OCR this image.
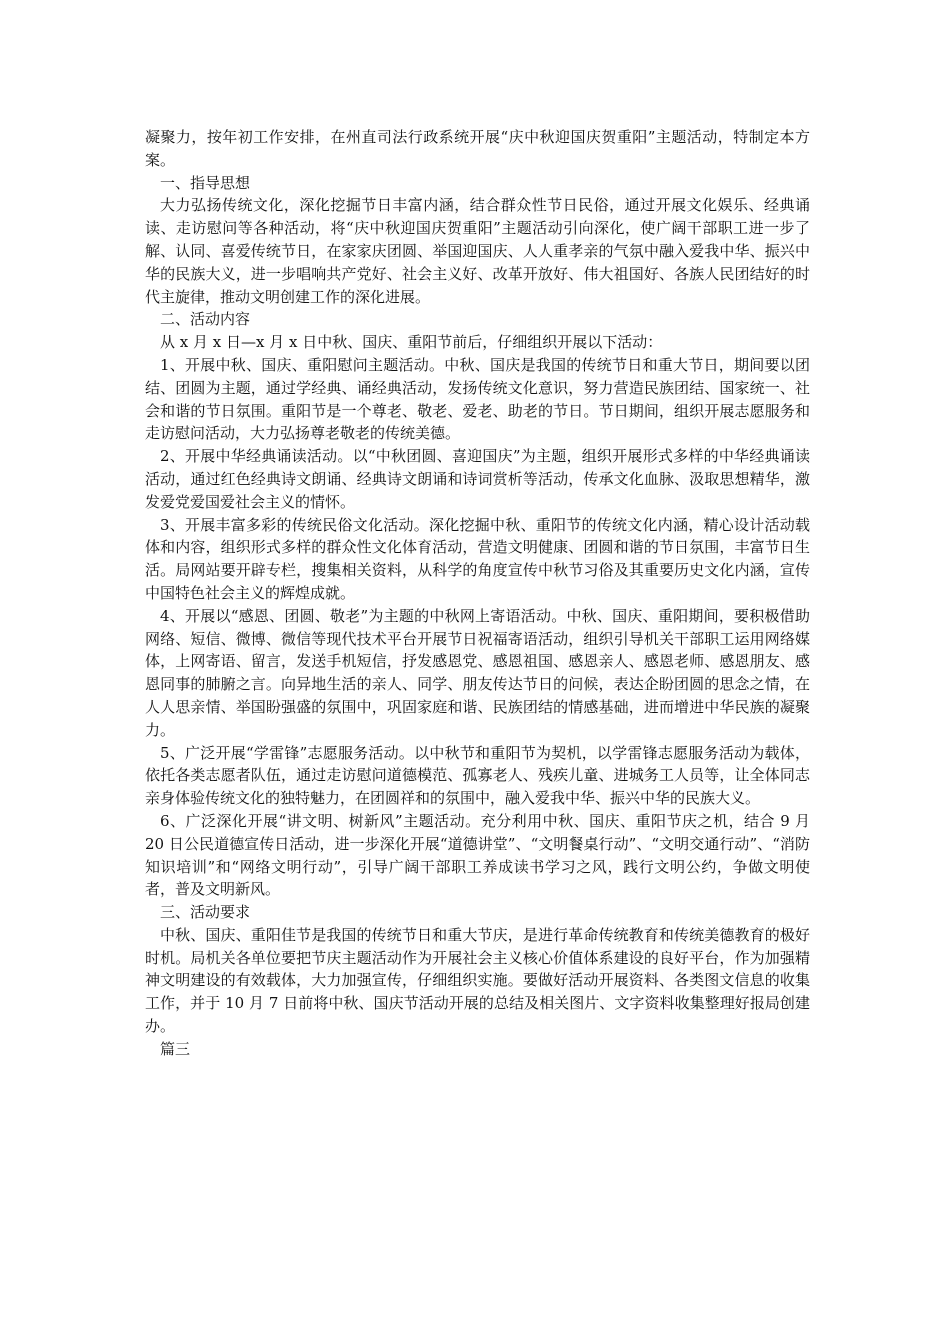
凝聚力，按年初工作安排，在州直司法行政系统开展“庆中秋迎国庆贺重阳”主题活动，特制定本方案。

一、指导思想

大力弘扬传统文化，深化挖掘节日丰富内涵，结合群众性节日民俗，通过开展文化娱乐、经典诵读、走访慰问等各种活动，将“庆中秋迎国庆贺重阳”主题活动引向深化，使广阔干部职工进一步了解、认同、喜爱传统节日，在家家庆团圆、举国迎国庆、人人重孝亲的气氛中融入爱我中华、振兴中华的民族大义，进一步唱响共产党好、社会主义好、改革开放好、伟大祖国好、各族人民团结好的时代主旋律，推动文明创建工作的深化进展。

二、活动内容

从 x 月 x 日—x 月 x 日中秋、国庆、重阳节前后，仔细组织开展以下活动：

1、开展中秋、国庆、重阳慰问主题活动。中秋、国庆是我国的传统节日和重大节日，期间要以团结、团圆为主题，通过学经典、诵经典活动，发扬传统文化意识，努力营造民族团结、国家统一、社会和谐的节日氛围。重阳节是一个尊老、敬老、爱老、助老的节日。节日期间，组织开展志愿服务和走访慰问活动，大力弘扬尊老敬老的传统美德。

2、开展中华经典诵读活动。以“中秋团圆、喜迎国庆”为主题，组织开展形式多样的中华经典诵读活动，通过红色经典诗文朗诵、经典诗文朗诵和诗词赏析等活动，传承文化血脉、汲取思想精华，激发爱党爱国爱社会主义的情怀。

3、开展丰富多彩的传统民俗文化活动。深化挖掘中秋、重阳节的传统文化内涵，精心设计活动载体和内容，组织形式多样的群众性文化体育活动，营造文明健康、团圆和谐的节日氛围，丰富节日生活。局网站要开辟专栏，搜集相关资料，从科学的角度宣传中秋节习俗及其重要历史文化内涵，宣传中国特色社会主义的辉煌成就。

4、开展以“感恩、团圆、敬老”为主题的中秋网上寄语活动。中秋、国庆、重阳期间，要积极借助网络、短信、微博、微信等现代技术平台开展节日祝福寄语活动，组织引导机关干部职工运用网络媒体，上网寄语、留言，发送手机短信，抒发感恩党、感恩祖国、感恩亲人、感恩老师、感恩朋友、感恩同事的肺腑之言。向异地生活的亲人、同学、朋友传达节日的问候，表达企盼团圆的思念之情，在人人思亲情、举国盼强盛的氛围中，巩固家庭和谐、民族团结的情感基础，进而增进中华民族的凝聚力。

5、广泛开展“学雷锋”志愿服务活动。以中秋节和重阳节为契机，以学雷锋志愿服务活动为载体，依托各类志愿者队伍，通过走访慰问道德模范、孤寡老人、残疾儿童、进城务工人员等，让全体同志亲身体验传统文化的独特魅力，在团圆祥和的氛围中，融入爱我中华、振兴中华的民族大义。

6、广泛深化开展“讲文明、树新风”主题活动。充分利用中秋、国庆、重阳节庆之机，结合 9 月 20 日公民道德宣传日活动，进一步深化开展“道德讲堂”、“文明餐桌行动”、“文明交通行动”、“消防知识培训”和“网络文明行动”，引导广阔干部职工养成读书学习之风，践行文明公约，争做文明使者，普及文明新风。

三、活动要求

中秋、国庆、重阳佳节是我国的传统节日和重大节庆，是进行革命传统教育和传统美德教育的极好时机。局机关各单位要把节庆主题活动作为开展社会主义核心价值体系建设的良好平台，作为加强精神文明建设的有效载体，大力加强宣传，仔细组织实施。要做好活动开展资料、各类图文信息的收集工作，并于 10 月 7 日前将中秋、国庆节活动开展的总结及相关图片、文字资料收集整理好报局创建办。

篇三
